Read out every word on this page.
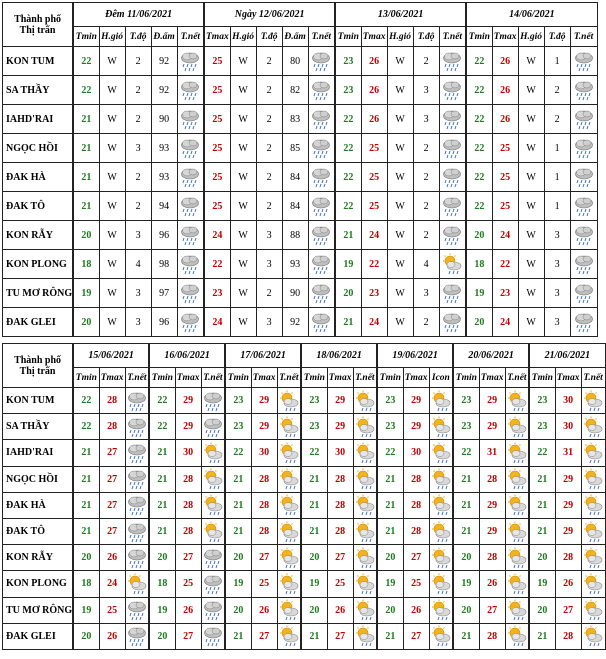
Thành phố
Thị trấn	Đêm 11/06/2021					Ngày 12/06/2021					13/06/2021					14/06/2021				
	Tmin	H.gió	T.độ	Đ.ẩm	T.nết	Tmax	H.gió	T.độ	Đ.ẩm	T.nết	Tmin	Tmax	H.gió	T.độ	T.nết	Tmin	Tmax	H.gió	T.độ	T.nết
KON TUM	22	W	2	92		25	W	2	80		23	26	W	2		22	26	W	1	

SA THẦY	22	W	2	92		25	W	2	82		23	26	W	3		22	26	W	2	

IAHD'RAI	21	W	2	90		25	W	2	83		22	26	W	3		22	26	W	2	

NGỌC HỒI	21	W	3	93		25	W	2	85		22	25	W	2		22	25	W	1	

ĐAK HÀ	21	W	2	93		25	W	2	84		22	25	W	2		22	25	W	1	

ĐAK TÔ	21	W	2	94		25	W	2	84		22	25	W	2		22	25	W	1	

KON RẪY	20	W	3	96		24	W	3	88		21	24	W	2		20	24	W	3	

KON PLONG	18	W	4	98		22	W	3	93		19	22	W	4		18	22	W	3	

TU MƠ RÔNG	19	W	3	97		23	W	2	90		20	23	W	3		19	23	W	3	

ĐAK GLEI	20	W	3	96		24	W	3	92		21	24	W	2		20	24	W	3	
Thành phố
Thị trấn	15/06/2021			16/06/2021			17/06/2021			18/06/2021			19/06/2021			20/06/2021			21/06/2021		
	Tmin	Tmax	T.nết	Tmin	Tmax	T.nết	Tmin	Tmax	T.nết	Tmin	Tmax	T.nết	Tmin	Tmax	Icon	Tmin	Tmax	T.nết	Tmin	Tmax	T.nết
KON TUM	22	28		22	29		23	29		23	29		23	29		23	29		23	30	

SA THẦY	22	28		22	29		23	29		23	29		23	29		23	29		23	30	

IAHD'RAI	21	27		21	30		22	30		22	30		22	30		22	31		22	31	

NGỌC HỒI	21	27		21	28		21	28		21	28		21	28		21	28		21	29	

ĐAK HÀ	21	27		21	28		21	28		21	28		21	28		21	29		21	29	

ĐAK TÔ	21	27		21	28		21	28		21	28		21	28		21	29		21	29	

KON RẪY	20	26		20	27		20	27		20	27		20	27		20	28		20	28	

KON PLONG	18	24		18	25		19	25		19	25		19	25		19	26		19	26	

TU MƠ RÔNG	19	25		19	26		20	26		20	26		20	26		20	27		20	27	

ĐAK GLEI	20	26		20	27		21	27		21	27		21	27		21	28		21	28	
